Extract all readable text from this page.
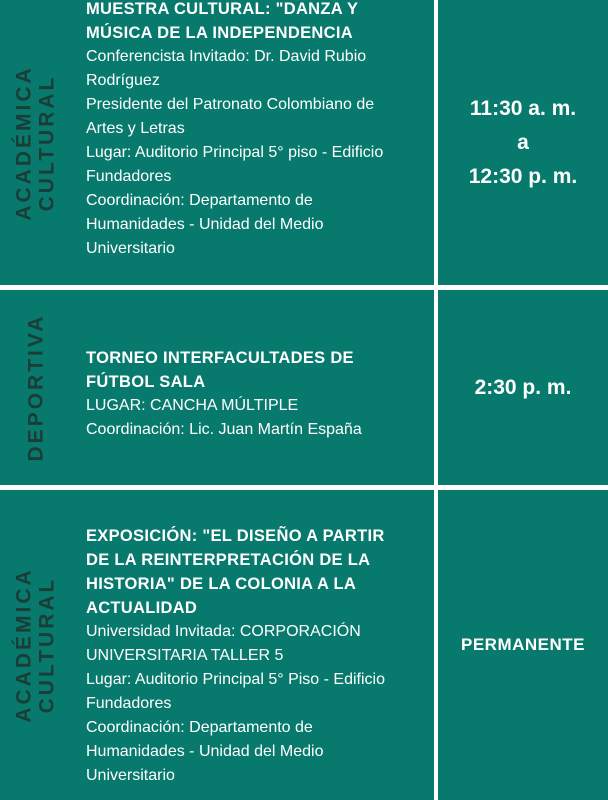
ACADÉMICA CULTURAL
MUESTRA CULTURAL: "DANZA Y
MÚSICA DE LA INDEPENDENCIA
Conferencista Invitado: Dr. David Rubio
Rodríguez
Presidente del Patronato Colombiano de
Artes y Letras
Lugar: Auditorio Principal 5° piso - Edificio
Fundadores
Coordinación: Departamento de
Humanidades - Unidad del Medio
Universitario
11:30 a. m.
a
12:30 p. m.
DEPORTIVA TORNEO INTERFACULTADES DE
FÚTBOL SALA
LUGAR: CANCHA MÚLTIPLE
Coordinación: Lic. Juan Martín España
2:30 p. m.
ACADÉMICA CULTURAL
EXPOSICIÓN: "EL DISEÑO A PARTIR
DE LA REINTERPRETACIÓN DE LA
HISTORIA" DE LA COLONIA A LA
ACTUALIDAD
Universidad Invitada: CORPORACIÓN
UNIVERSITARIA TALLER 5
Lugar: Auditorio Principal 5° Piso - Edificio
Fundadores
Coordinación: Departamento de
Humanidades - Unidad del Medio
Universitario
PERMANENTE
